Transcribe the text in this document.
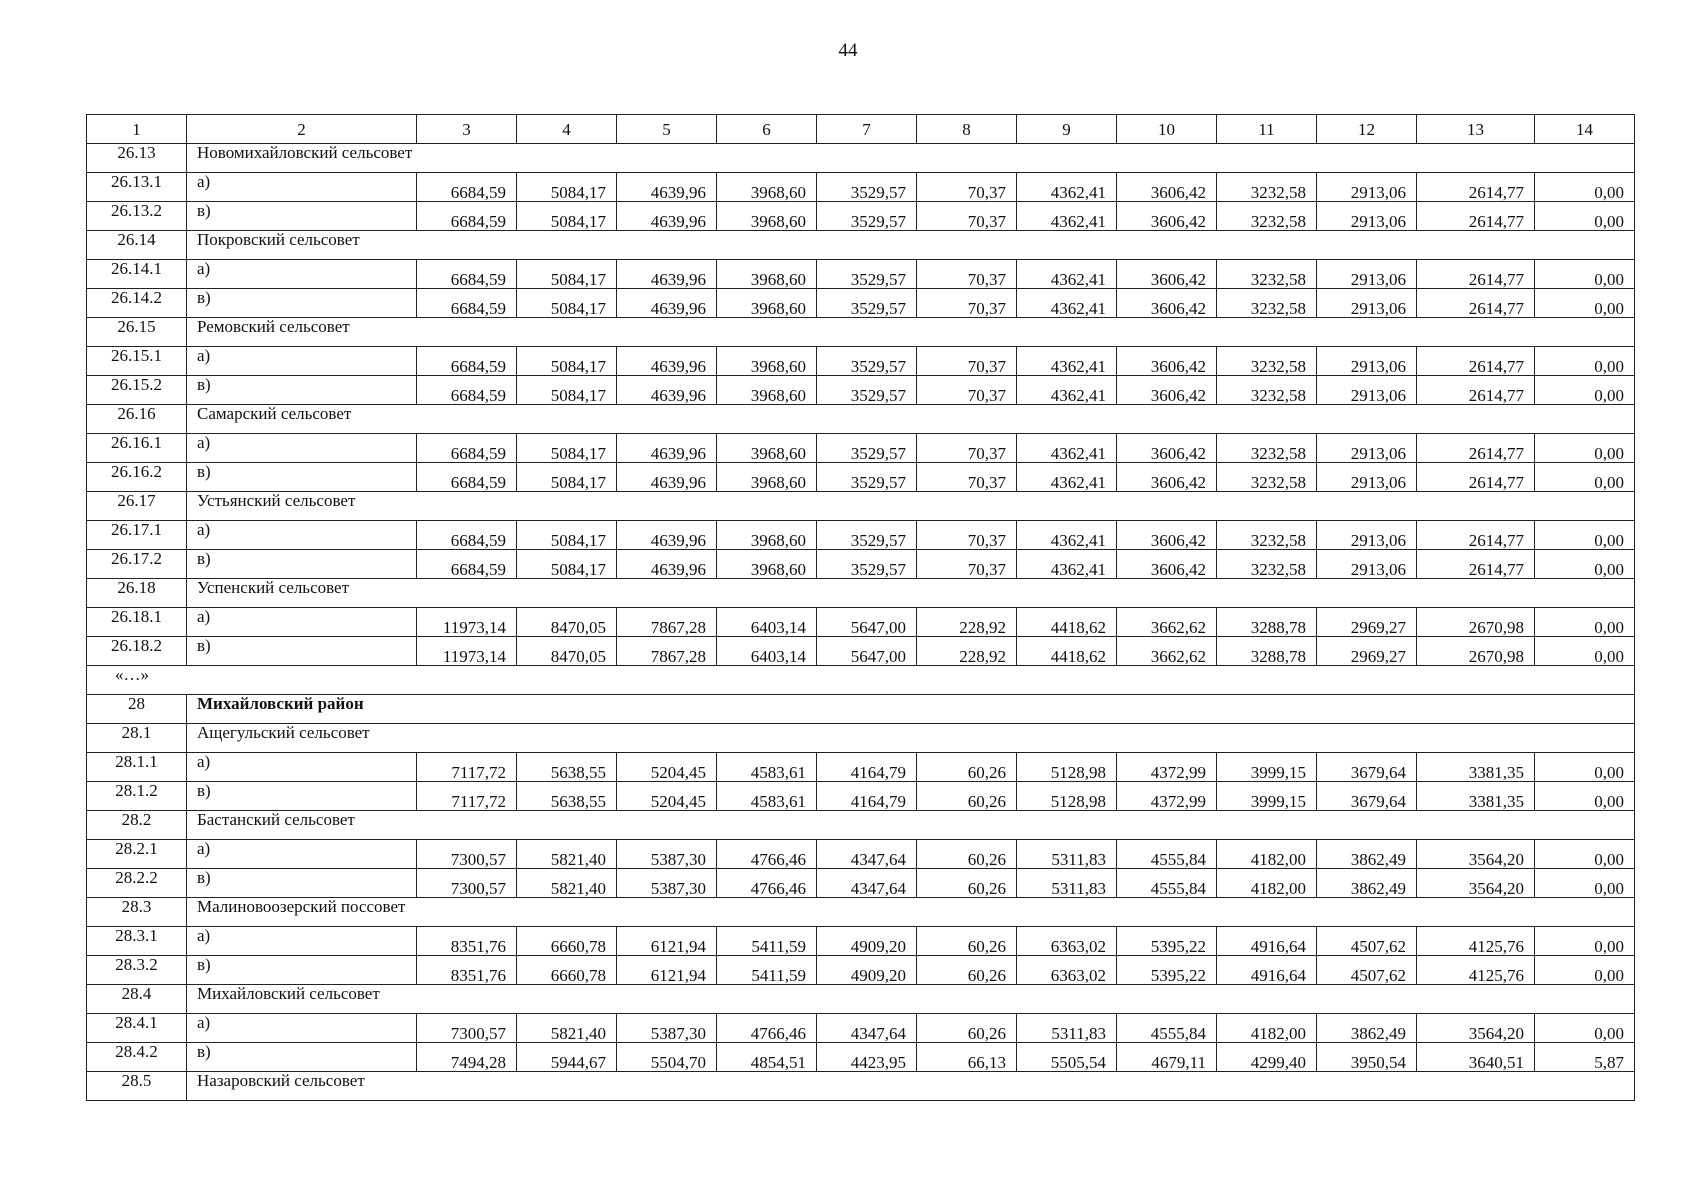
44
1	2	3	4	5	6	7	8	9	10	11	12	13	14
26.13	Новомихайловский сельсовет												
26.13.1	а)	6684,59	5084,17	4639,96	3968,60	3529,57	70,37	4362,41	3606,42	3232,58	2913,06	2614,77	0,00
26.13.2	в)	6684,59	5084,17	4639,96	3968,60	3529,57	70,37	4362,41	3606,42	3232,58	2913,06	2614,77	0,00
26.14	Покровский сельсовет												
26.14.1	а)	6684,59	5084,17	4639,96	3968,60	3529,57	70,37	4362,41	3606,42	3232,58	2913,06	2614,77	0,00
26.14.2	в)	6684,59	5084,17	4639,96	3968,60	3529,57	70,37	4362,41	3606,42	3232,58	2913,06	2614,77	0,00
26.15	Ремовский сельсовет												
26.15.1	а)	6684,59	5084,17	4639,96	3968,60	3529,57	70,37	4362,41	3606,42	3232,58	2913,06	2614,77	0,00
26.15.2	в)	6684,59	5084,17	4639,96	3968,60	3529,57	70,37	4362,41	3606,42	3232,58	2913,06	2614,77	0,00
26.16	Самарский сельсовет												
26.16.1	а)	6684,59	5084,17	4639,96	3968,60	3529,57	70,37	4362,41	3606,42	3232,58	2913,06	2614,77	0,00
26.16.2	в)	6684,59	5084,17	4639,96	3968,60	3529,57	70,37	4362,41	3606,42	3232,58	2913,06	2614,77	0,00
26.17	Устьянский сельсовет												
26.17.1	а)	6684,59	5084,17	4639,96	3968,60	3529,57	70,37	4362,41	3606,42	3232,58	2913,06	2614,77	0,00
26.17.2	в)	6684,59	5084,17	4639,96	3968,60	3529,57	70,37	4362,41	3606,42	3232,58	2913,06	2614,77	0,00
26.18	Успенский сельсовет												
26.18.1	а)	11973,14	8470,05	7867,28	6403,14	5647,00	228,92	4418,62	3662,62	3288,78	2969,27	2670,98	0,00
26.18.2	в)	11973,14	8470,05	7867,28	6403,14	5647,00	228,92	4418,62	3662,62	3288,78	2969,27	2670,98	0,00
«…»													
28	Михайловский район												
28.1	Ащегульский сельсовет												
28.1.1	а)	7117,72	5638,55	5204,45	4583,61	4164,79	60,26	5128,98	4372,99	3999,15	3679,64	3381,35	0,00
28.1.2	в)	7117,72	5638,55	5204,45	4583,61	4164,79	60,26	5128,98	4372,99	3999,15	3679,64	3381,35	0,00
28.2	Бастанский сельсовет												
28.2.1	а)	7300,57	5821,40	5387,30	4766,46	4347,64	60,26	5311,83	4555,84	4182,00	3862,49	3564,20	0,00
28.2.2	в)	7300,57	5821,40	5387,30	4766,46	4347,64	60,26	5311,83	4555,84	4182,00	3862,49	3564,20	0,00
28.3	Малиновоозерский поссовет												
28.3.1	а)	8351,76	6660,78	6121,94	5411,59	4909,20	60,26	6363,02	5395,22	4916,64	4507,62	4125,76	0,00
28.3.2	в)	8351,76	6660,78	6121,94	5411,59	4909,20	60,26	6363,02	5395,22	4916,64	4507,62	4125,76	0,00
28.4	Михайловский сельсовет												
28.4.1	а)	7300,57	5821,40	5387,30	4766,46	4347,64	60,26	5311,83	4555,84	4182,00	3862,49	3564,20	0,00
28.4.2	в)	7494,28	5944,67	5504,70	4854,51	4423,95	66,13	5505,54	4679,11	4299,40	3950,54	3640,51	5,87
28.5	Назаровский сельсовет												
